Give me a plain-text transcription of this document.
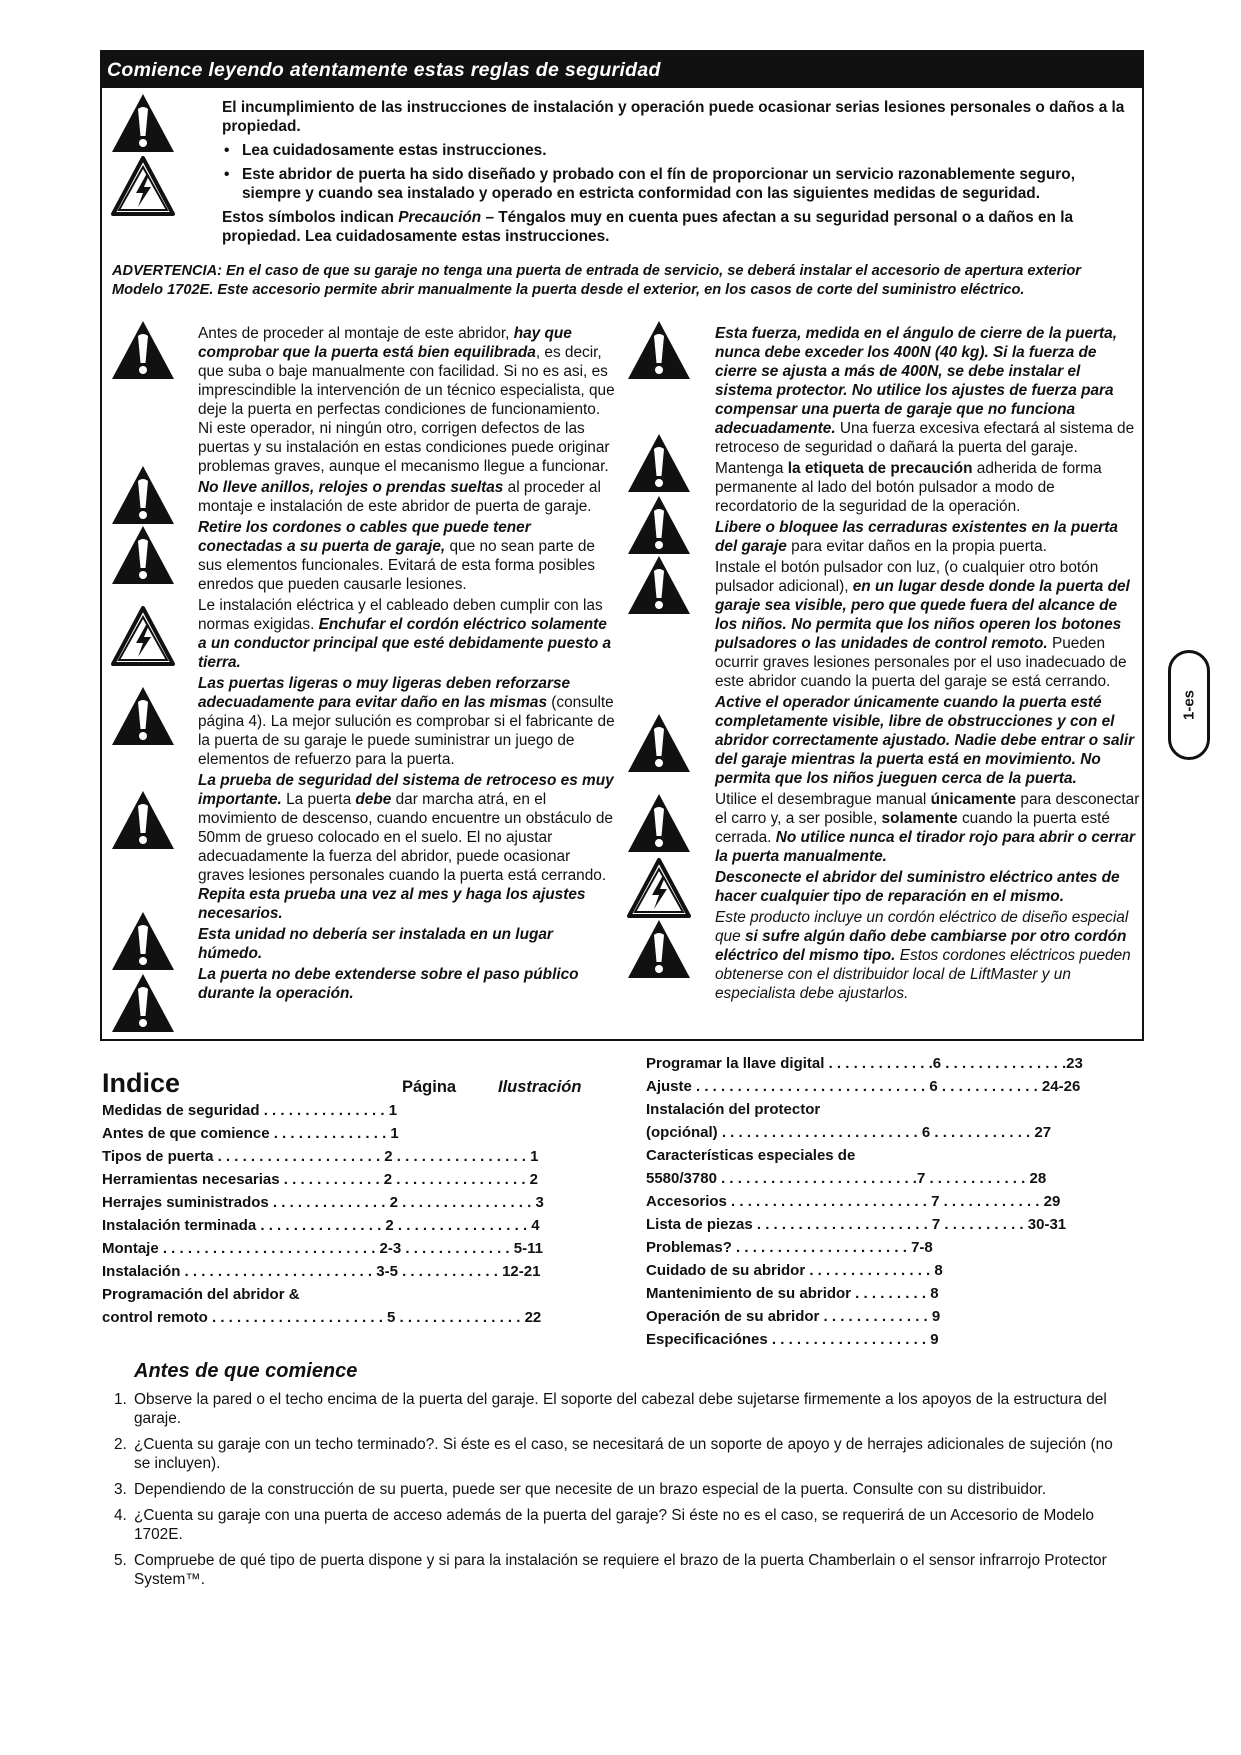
Comience leyendo atentamente estas reglas de seguridad

El incumplimiento de las instrucciones de instalación y operación puede ocasionar serias lesiones personales o daños a la propiedad.

• Lea cuidadosamente estas instrucciones.
• Este abridor de puerta ha sido diseñado y probado con el fín de proporcionar un servicio razonablemente seguro, siempre y cuando sea instalado y operado en estricta conformidad con las siguientes medidas de seguridad.

Estos símbolos indican Precaución – Téngalos muy en cuenta pues afectan a su seguridad personal o a daños en la propiedad. Lea cuidadosamente estas instrucciones.

ADVERTENCIA: En el caso de que su garaje no tenga una puerta de entrada de servicio, se deberá instalar el accesorio de apertura exterior Modelo 1702E. Este accesorio permite abrir manualmente la puerta desde el exterior, en los casos de corte del suministro eléctrico.

Antes de proceder al montaje de este abridor, hay que comprobar que la puerta está bien equilibrada, es decir, que suba o baje manualmente con facilidad. Si no es asi, es imprescindible la intervención de un técnico especialista, que deje la puerta en perfectas condiciones de funcionamiento. Ni este operador, ni ningún otro, corrigen defectos de las puertas y su instalación en estas condiciones puede originar problemas graves, aunque el mecanismo llegue a funcionar.

No lleve anillos, relojes o prendas sueltas al proceder al montaje e instalación de este abridor de puerta de garaje.

Retire los cordones o cables que puede tener conectadas a su puerta de garaje, que no sean parte de sus elementos funcionales. Evitará de esta forma posibles enredos que pueden causarle lesiones.

Le instalación eléctrica y el cableado deben cumplir con las normas exigidas. Enchufar el cordón eléctrico solamente a un conductor principal que esté debidamente puesto a tierra.

Las puertas ligeras o muy ligeras deben reforzarse adecuadamente para evitar daño en las mismas (consulte página 4). La mejor sulución es comprobar si el fabricante de la puerta de su garaje le puede suministrar un juego de elementos de refuerzo para la puerta.

La prueba de seguridad del sistema de retroceso es muy importante. La puerta debe dar marcha atrá, en el movimiento de descenso, cuando encuentre un obstáculo de 50mm de grueso colocado en el suelo. El no ajustar adecuadamente la fuerza del abridor, puede ocasionar graves lesiones personales cuando la puerta está cerrando. Repita esta prueba una vez al mes y haga los ajustes necesarios.

Esta unidad no debería ser instalada en un lugar húmedo.

La puerta no debe extenderse sobre el paso público durante la operación.

Esta fuerza, medida en el ángulo de cierre de la puerta, nunca debe exceder los 400N (40 kg). Si la fuerza de cierre se ajusta a más de 400N, se debe instalar el sistema protector. No utilice los ajustes de fuerza para compensar una puerta de garaje que no funciona adecuadamente. Una fuerza excesiva efectará al sistema de retroceso de seguridad o dañará la puerta del garaje.

Mantenga la etiqueta de precaución adherida de forma permanente al lado del botón pulsador a modo de recordatorio de la seguridad de la operación.

Libere o bloquee las cerraduras existentes en la puerta del garaje para evitar daños en la propia puerta.

Instale el botón pulsador con luz, (o cualquier otro botón pulsador adicional), en un lugar desde donde la puerta del garaje sea visible, pero que quede fuera del alcance de los niños. No permita que los niños operen los botones pulsadores o las unidades de control remoto. Pueden ocurrir graves lesiones personales por el uso inadecuado de este abridor cuando la puerta del garaje se está cerrando.

Active el operador únicamente cuando la puerta esté completamente visible, libre de obstrucciones y con el abridor correctamente ajustado. Nadie debe entrar o salir del garaje mientras la puerta está en movimiento. No permita que los niños jueguen cerca de la puerta.

Utilice el desembrague manual únicamente para desconectar el carro y, a ser posible, solamente cuando la puerta esté cerrada. No utilice nunca el tirador rojo para abrir o cerrar la puerta manualmente.

Desconecte el abridor del suministro eléctrico antes de hacer cualquier tipo de reparación en el mismo.

Este producto incluye un cordón eléctrico de diseño especial que si sufre algún daño debe cambiarse por otro cordón eléctrico del mismo tipo. Estos cordones eléctricos pueden obtenerse con el distribuidor local de LiftMaster y un especialista debe ajustarlos.

1-es
Indice	Página	Ilustración
Medidas de seguridad . . . . . . . . . . . . . . . 1
Antes de que comience . . . . . . . . . . . . . . 1
Tipos de puerta . . . . . . . . . . . . . . . . . . . . 2 . . . . . . . . . . . . . . . . 1
Herramientas necesarias . . . . . . . . . . . . 2 . . . . . . . . . . . . . . . . 2
Herrajes suministrados . . . . . . . . . . . . . . 2 . . . . . . . . . . . . . . . . 3
Instalación terminada . . . . . . . . . . . . . . . 2 . . . . . . . . . . . . . . . . 4
Montaje . . . . . . . . . . . . . . . . . . . . . . . . . . 2-3 . . . . . . . . . . . . . 5-11
Instalación . . . . . . . . . . . . . . . . . . . . . . . 3-5 . . . . . . . . . . . . 12-21
Programación del abridor &
control remoto . . . . . . . . . . . . . . . . . . . . . 5 . . . . . . . . . . . . . . . 22
Programar la llave digital . . . . . . . . . . . . .6 . . . . . . . . . . . . . . .23
Ajuste . . . . . . . . . . . . . . . . . . . . . . . . . . . . 6 . . . . . . . . . . . . 24-26
Instalación del protector
(opciónal) . . . . . . . . . . . . . . . . . . . . . . . . 6 . . . . . . . . . . . . 27
Características especiales de
5580/3780 . . . . . . . . . . . . . . . . . . . . . . . .7 . . . . . . . . . . . . 28
Accesorios . . . . . . . . . . . . . . . . . . . . . . . . 7 . . . . . . . . . . . . 29
Lista de piezas . . . . . . . . . . . . . . . . . . . . . 7 . . . . . . . . . . 30-31
Problemas? . . . . . . . . . . . . . . . . . . . . . 7-8
Cuidado de su abridor . . . . . . . . . . . . . . . 8
Mantenimiento de su abridor . . . . . . . . . 8
Operación de su abridor . . . . . . . . . . . . . 9
Especificaciónes . . . . . . . . . . . . . . . . . . . 9
Antes de que comience
1. Observe la pared o el techo encima de la puerta del garaje. El soporte del cabezal debe sujetarse firmemente a los apoyos de la estructura del garaje.
2. ¿Cuenta su garaje con un techo terminado?. Si éste es el caso, se necesitará de un soporte de apoyo y de herrajes adicionales de sujeción (no se incluyen).
3. Dependiendo de la construcción de su puerta, puede ser que necesite de un brazo especial de la puerta. Consulte con su distribuidor.
4. ¿Cuenta su garaje con una puerta de acceso además de la puerta del garaje? Si éste no es el caso, se requerirá de un Accesorio de Modelo 1702E.
5. Compruebe de qué tipo de puerta dispone y si para la instalación se requiere el brazo de la puerta Chamberlain o el sensor infrarrojo Protector System™.
